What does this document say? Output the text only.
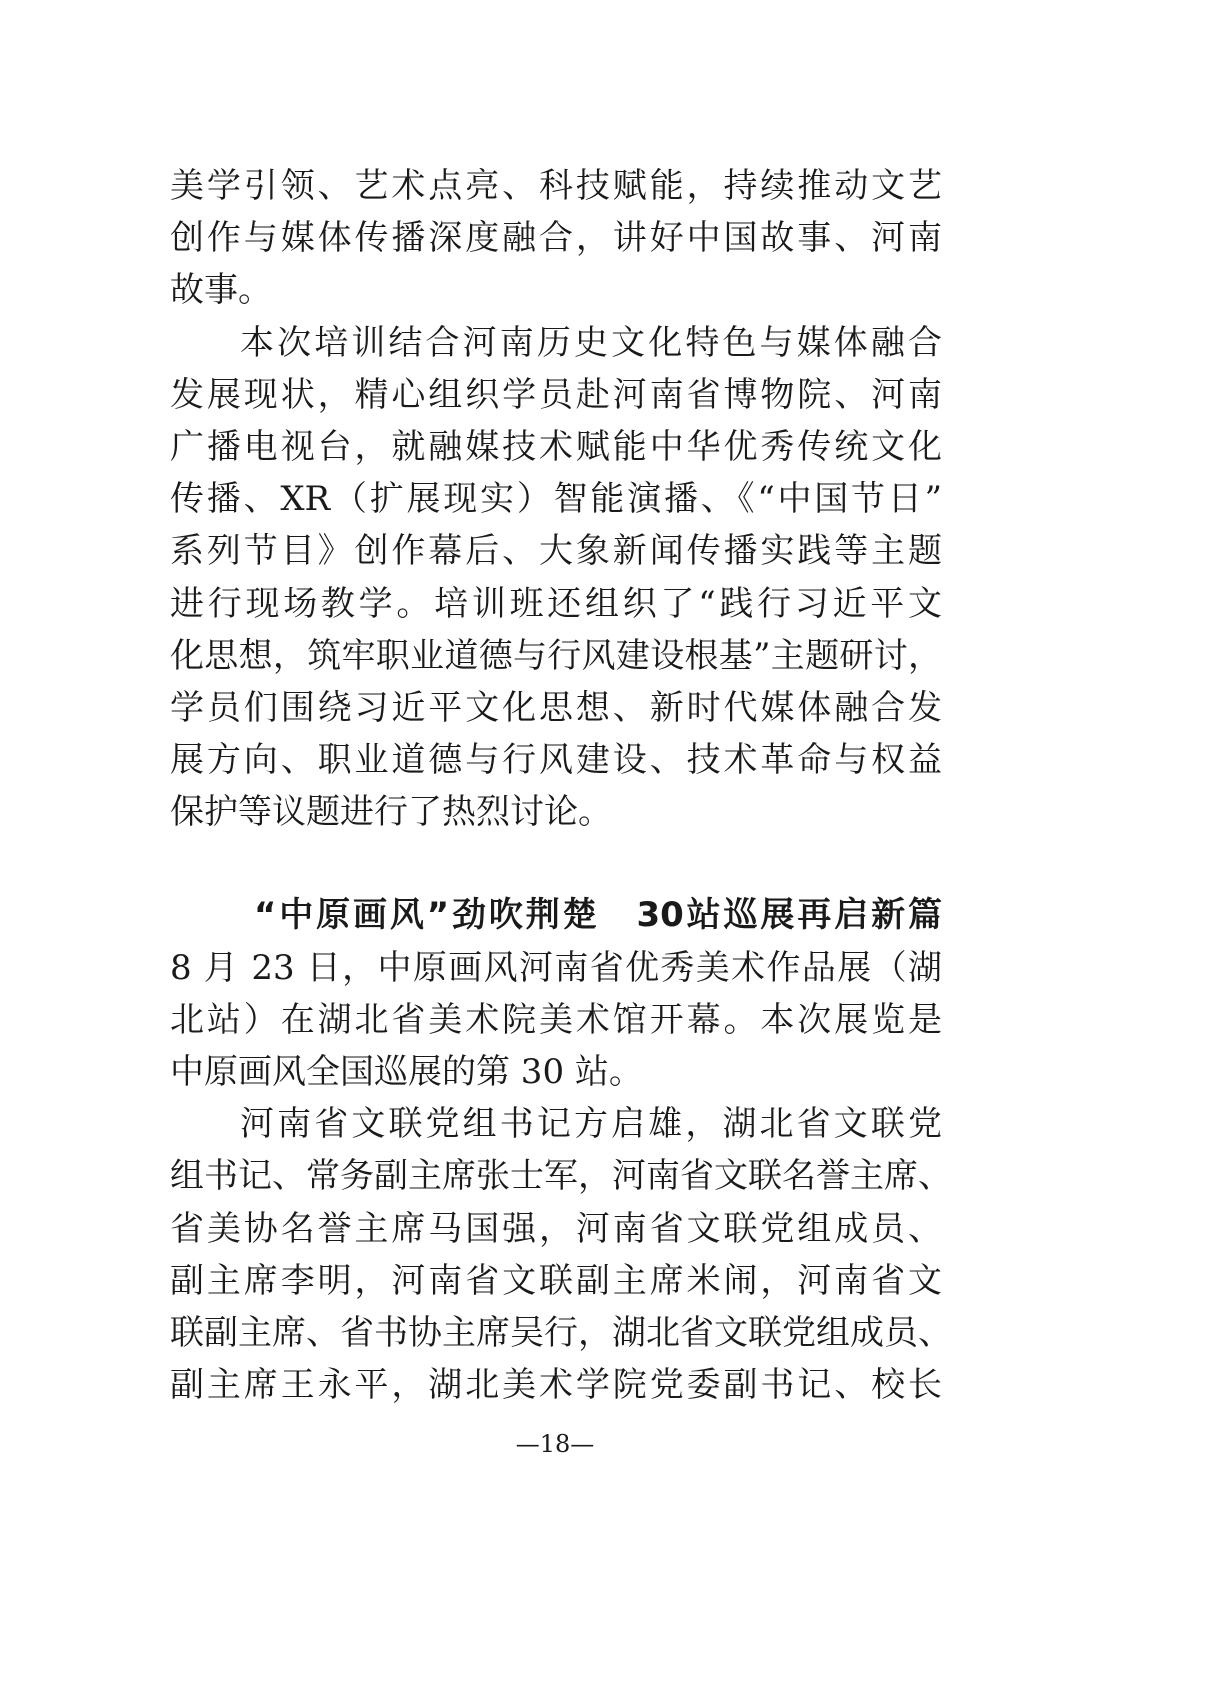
美学引领、艺术点亮、科技赋能，持续推动文艺
创作与媒体传播深度融合，讲好中国故事、河南
故事。
本次培训结合河南历史文化特色与媒体融合
发展现状，精心组织学员赴河南省博物院、河南
广播电视台，就融媒技术赋能中华优秀传统文化
传播、XR（扩展现实）智能演播、《“中国节日”
系列节目》创作幕后、大象新闻传播实践等主题
进行现场教学。培训班还组织了“践行习近平文
化思想，筑牢职业道德与行风建设根基”主题研讨，
学员们围绕习近平文化思想、新时代媒体融合发
展方向、职业道德与行风建设、技术革命与权益
保护等议题进行了热烈讨论。
“中原画风”劲吹荆楚　30站巡展再启新篇
8 月 23 日，中原画风河南省优秀美术作品展（湖
北站）在湖北省美术院美术馆开幕。本次展览是
中原画风全国巡展的第 30 站。
河南省文联党组书记方启雄，湖北省文联党
组书记、常务副主席张士军，河南省文联名誉主席、
省美协名誉主席马国强，河南省文联党组成员、
副主席李明，河南省文联副主席米闹，河南省文
联副主席、省书协主席吴行，湖北省文联党组成员、
副主席王永平，湖北美术学院党委副书记、校长
—18—
